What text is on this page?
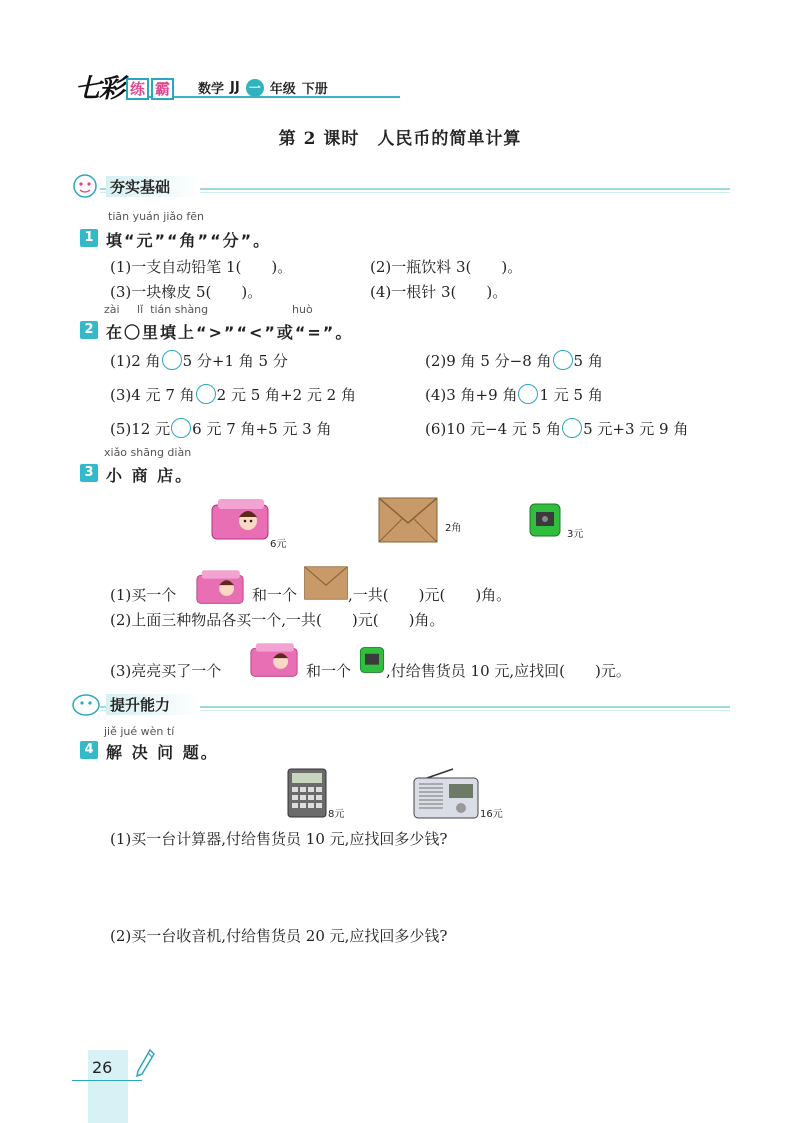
七彩 练 霸	数学 JJ 一 年级 下册
第 2 课时　人民币的简单计算
夯实基础
tiān yuán jiǎo fēn
1 填“元”“角”“分”。
(1)一支自动铅笔 1(　　)。	(2)一瓶饮料 3(　　)。
(3)一块橡皮 5(　　)。	(4)一根针 3(　　)。
zài     lǐ  tián shàng                        huò
2 在〇里填上“>”“<”或“=”。
(1)2 角 5 分+1 角 5 分	(2)9 角 5 分−8 角 5 角
(3)4 元 7 角 2 元 5 角+2 元 2 角	(4)3 角+9 角 1 元 5 角
(5)12 元 6 元 7 角+5 元 3 角	(6)10 元−4 元 5 角 5 元+3 元 9 角
xiǎo shāng diàn
3 小 商 店。
6元
2角
3元
(1)买一个	和一个	,一共(　　)元(　　)角。
(2)上面三种物品各买一个,一共(　　)元(　　)角。
(3)亮亮买了一个	和一个 ,付给售货员 10 元,应找回(　　)元。
提升能力
jiě jué wèn tí
4 解 决 问 题。
8元	16元
(1)买一台计算器,付给售货员 10 元,应找回多少钱?
(2)买一台收音机,付给售货员 20 元,应找回多少钱?
26
